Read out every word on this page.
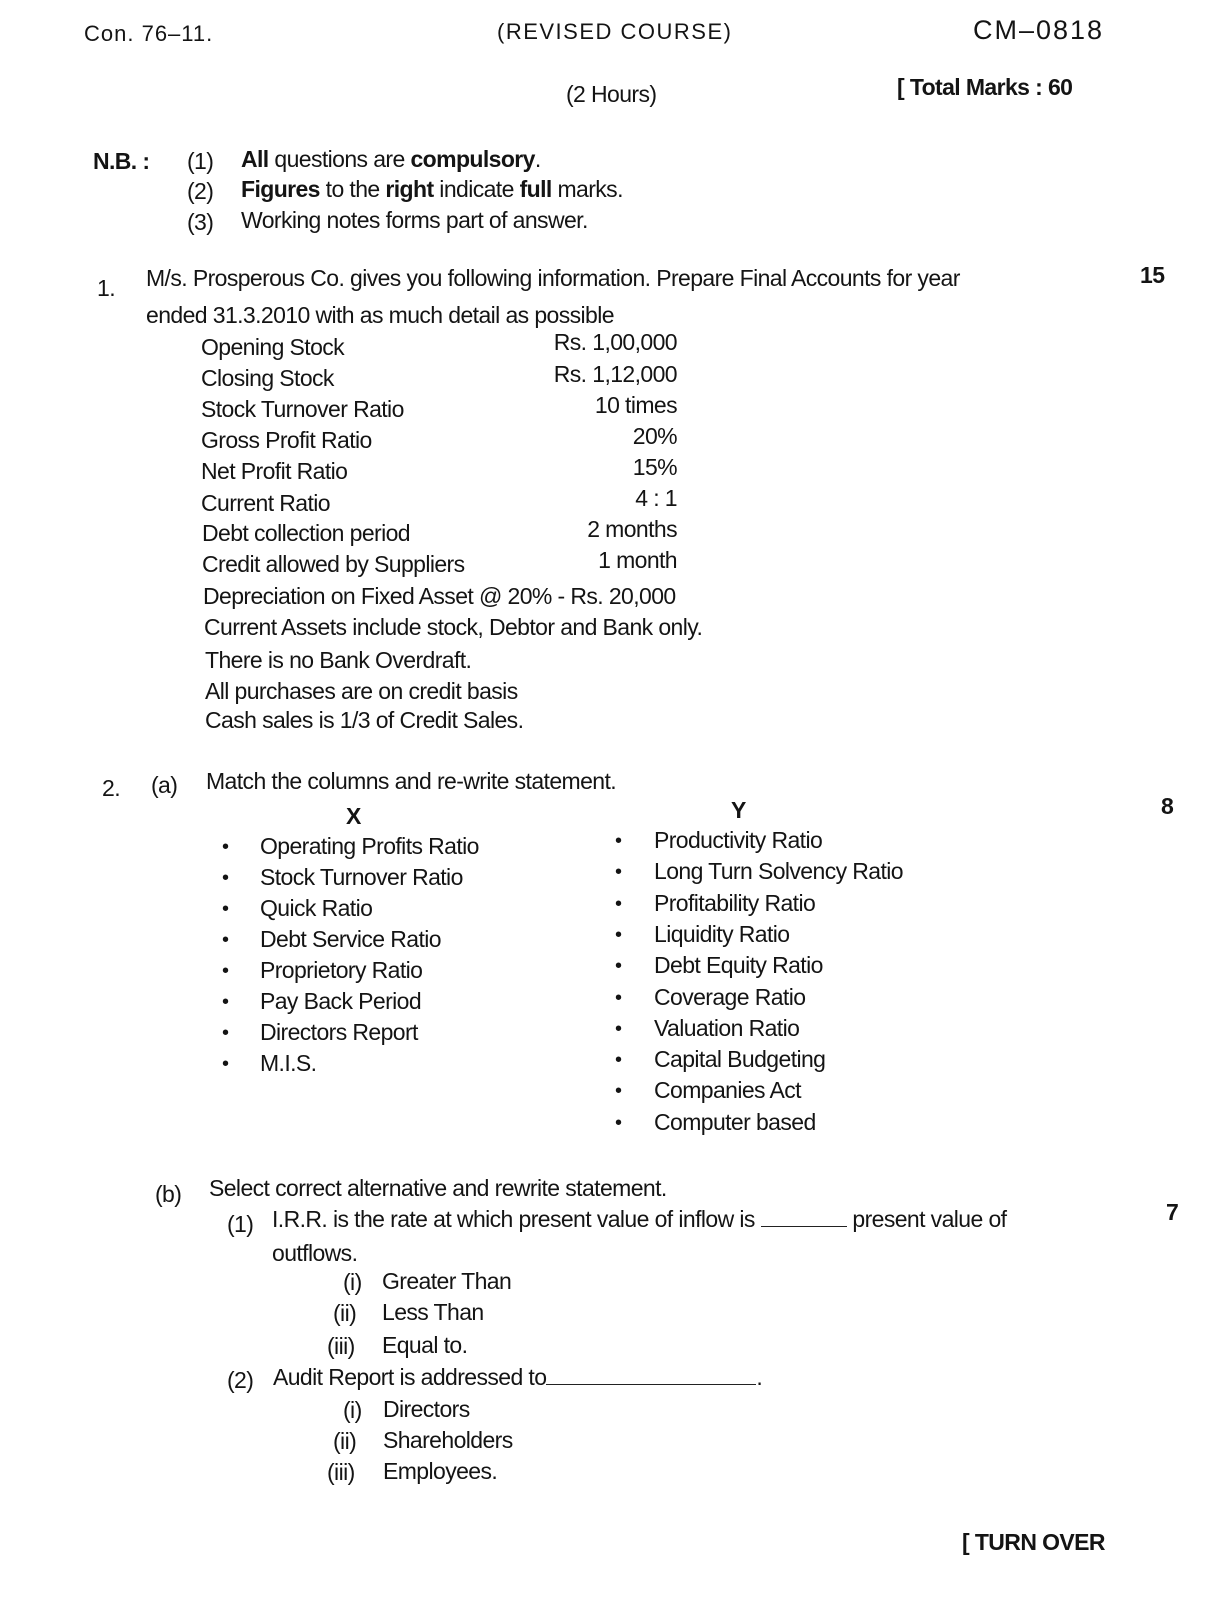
Con. 76–11.	(REVISED COURSE)	CM–0818
(2 Hours)	[ Total Marks : 60
N.B. : (1) All questions are compulsory.
(2) Figures to the right indicate full marks.
(3) Working notes forms part of answer.
1. M/s. Prosperous Co. gives you following information. Prepare Final Accounts for year	15
ended 31.3.2010 with as much detail as possible
Opening Stock	Rs. 1,00,000
Closing Stock	Rs. 1,12,000
Stock Turnover Ratio	10 times
Gross Profit Ratio	20%
Net Profit Ratio	15%
Current Ratio	4 : 1
Debt collection period	2 months
Credit allowed by Suppliers	1 month
Depreciation on Fixed Asset @ 20% - Rs. 20,000
Current Assets include stock, Debtor and Bank only.
There is no Bank Overdraft.
All purchases are on credit basis
Cash sales is 1/3 of Credit Sales.
2. (a) Match the columns and re-write statement.
8
X	Y
• Operating Profits Ratio
• Stock Turnover Ratio
• Quick Ratio
• Debt Service Ratio
• Proprietory Ratio
• Pay Back Period
• Directors Report
• M.I.S.
• Productivity Ratio
• Long Turn Solvency Ratio
• Profitability Ratio
• Liquidity Ratio
• Debt Equity Ratio
• Coverage Ratio
• Valuation Ratio
• Capital Budgeting
• Companies Act
• Computer based
(b) Select correct alternative and rewrite statement.
7
(1) I.R.R. is the rate at which present value of inflow is	present value of
outflows.
(i) Greater Than
(ii) Less Than
(iii) Equal to.
(2) Audit Report is addressed to	.
(i) Directors
(ii) Shareholders
(iii) Employees.
[ TURN OVER
